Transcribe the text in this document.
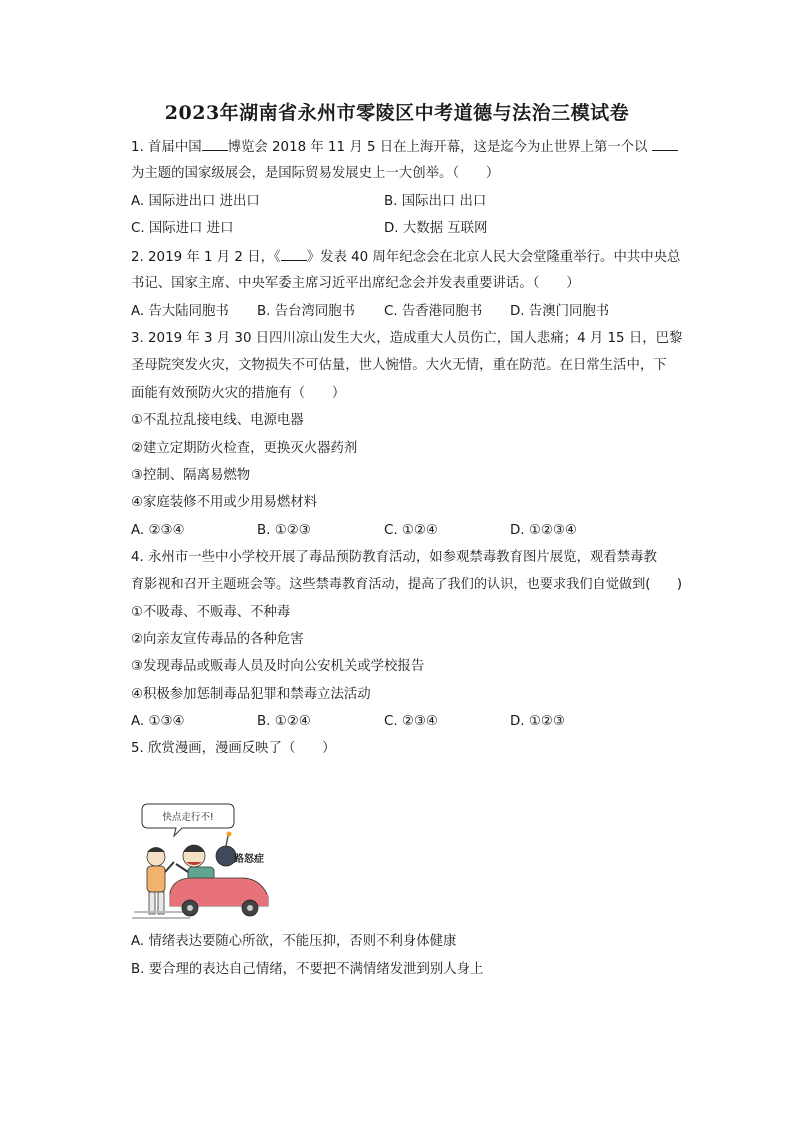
2023年湖南省永州市零陵区中考道德与法治三模试卷
1. 首届中国 博览会 2018 年 11 月 5 日在上海开幕，这是迄今为止世界上第一个以
为主题的国家级展会，是国际贸易发展史上一大创举。（　　）
A. 国际进出口 进出口	B. 国际出口 出口
C. 国际进口 进口	D. 大数据 互联网
2. 2019 年 1 月 2 日，《 》发表 40 周年纪念会在北京人民大会堂隆重举行。中共中央总
书记、国家主席、中央军委主席习近平出席纪念会并发表重要讲话。（　　）
A. 告大陆同胞书 B. 告台湾同胞书 C. 告香港同胞书 D. 告澳门同胞书
3. 2019 年 3 月 30 日四川凉山发生大火，造成重大人员伤亡，国人悲痛；4 月 15 日，巴黎
圣母院突发火灾，文物损失不可估量，世人惋惜。大火无情，重在防范。在日常生活中，下
面能有效预防火灾的措施有（　　）
①不乱拉乱接电线、电源电器
②建立定期防火检查，更换灭火器药剂
③控制、隔离易燃物
④家庭装修不用或少用易燃材料
A. ②③④	B. ①②③	C. ①②④	D. ①②③④
4. 永州市一些中小学校开展了毒品预防教育活动，如参观禁毒教育图片展览，观看禁毒教
育影视和召开主题班会等。这些禁毒教育活动，提高了我们的认识，也要求我们自觉做到(　　)
①不吸毒、不贩毒、不种毒
②向亲友宣传毒品的各种危害
③发现毒品或贩毒人员及时向公安机关或学校报告
④积极参加惩制毒品犯罪和禁毒立法活动
A. ①③④	B. ①②④	C. ②③④	D. ①②③
5. 欣赏漫画，漫画反映了（　　）
快点走行不!
路怒症
A. 情绪表达要随心所欲，不能压抑，否则不利身体健康
B. 要合理的表达自己情绪，不要把不满情绪发泄到别人身上
